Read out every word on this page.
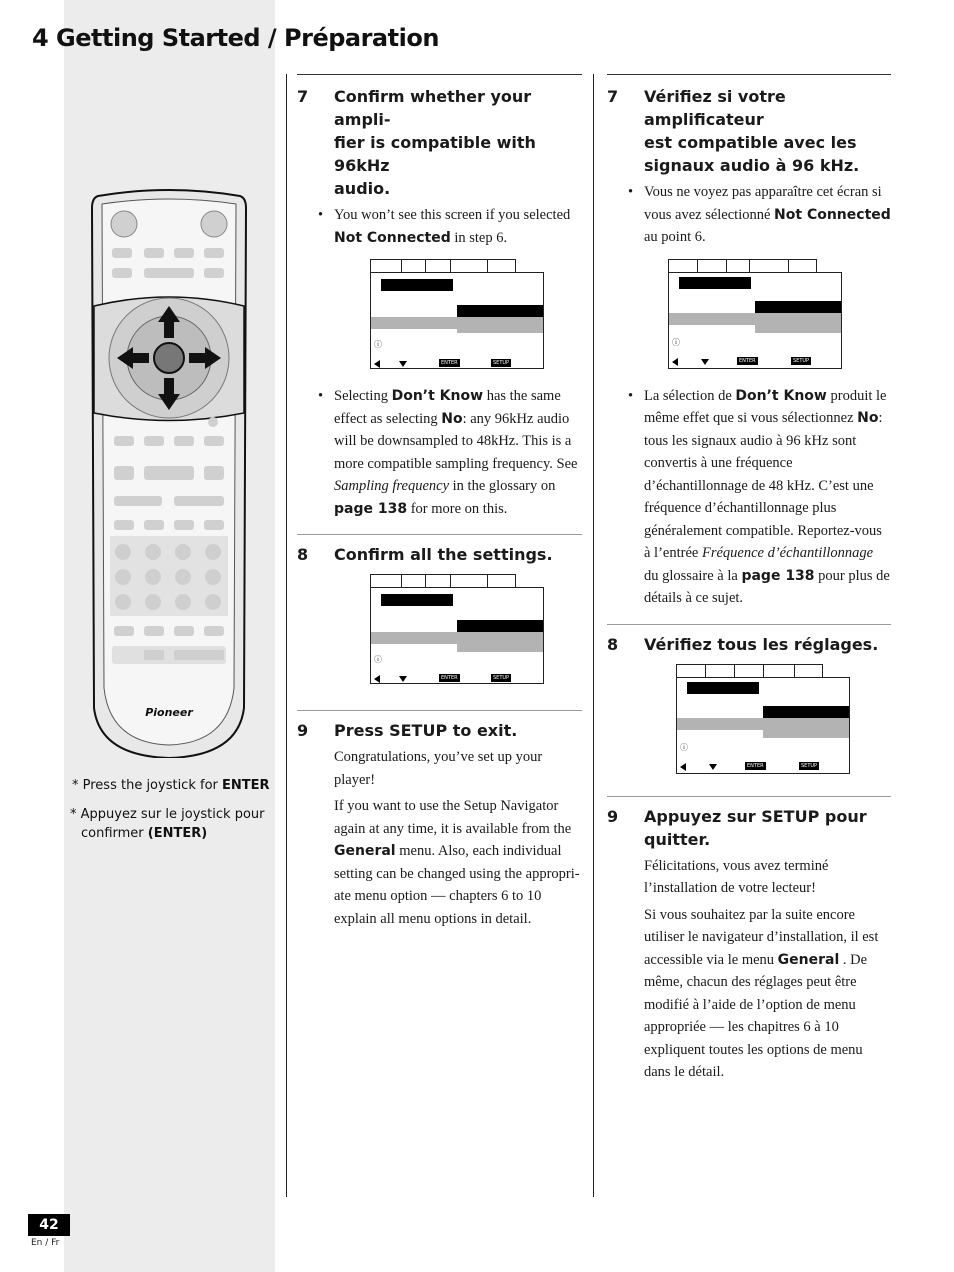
4 Getting Started / Préparation
Pioneer
* Press the joystick for ENTER
* Appuyez sur le joystick pour
confirmer (ENTER)
7	Confirm whether your ampli-
fier is compatible with 96kHz
audio.
• You won’t see this screen if you selected
Not Connected in step 6.
ⓘ
ENTER	SETUP
• Selecting Don’t Know has the same effect as selecting No: any 96kHz audio will be downsampled to 48kHz. This is a more compatible sampling frequency. See Sampling frequency in the glossary on page 138 for more on this.
8	Confirm all the settings.
ⓘ
ENTER	SETUP
9	Press SETUP to exit.

Congratulations, you’ve set up your player!

If you want to use the Setup Navigator again at any time, it is available from the General menu. Also, each individual setting can be changed using the appropri-ate menu option — chapters 6 to 10 explain all menu options in detail.

7	Vérifiez si votre amplificateur
est compatible avec les
signaux audio à 96 kHz.
• Vous ne voyez pas apparaître cet écran si vous avez sélectionné Not Connected au point 6.
ⓘ
ENTER	SETUP
• La sélection de Don’t Know produit le même effet que si vous sélectionnez No: tous les signaux audio à 96 kHz sont convertis à une fréquence d’échantillonnage de 48 kHz. C’est une fréquence d’échantillonnage plus généralement compatible. Reportez-vous à l’entrée Fréquence d’échantillonnage du glossaire à la page 138 pour plus de détails à ce sujet.
8	Vérifiez tous les réglages.
ⓘ
ENTER	SETUP
9	Appuyez sur SETUP pour
quitter.

Félicitations, vous avez terminé l’installation de votre lecteur!

Si vous souhaitez par la suite encore utiliser le navigateur d’installation, il est accessible via le menu General . De même, chacun des réglages peut être modifié à l’aide de l’option de menu appropriée — les chapitres 6 à 10 expliquent toutes les options de menu dans le détail.

42
En / Fr
